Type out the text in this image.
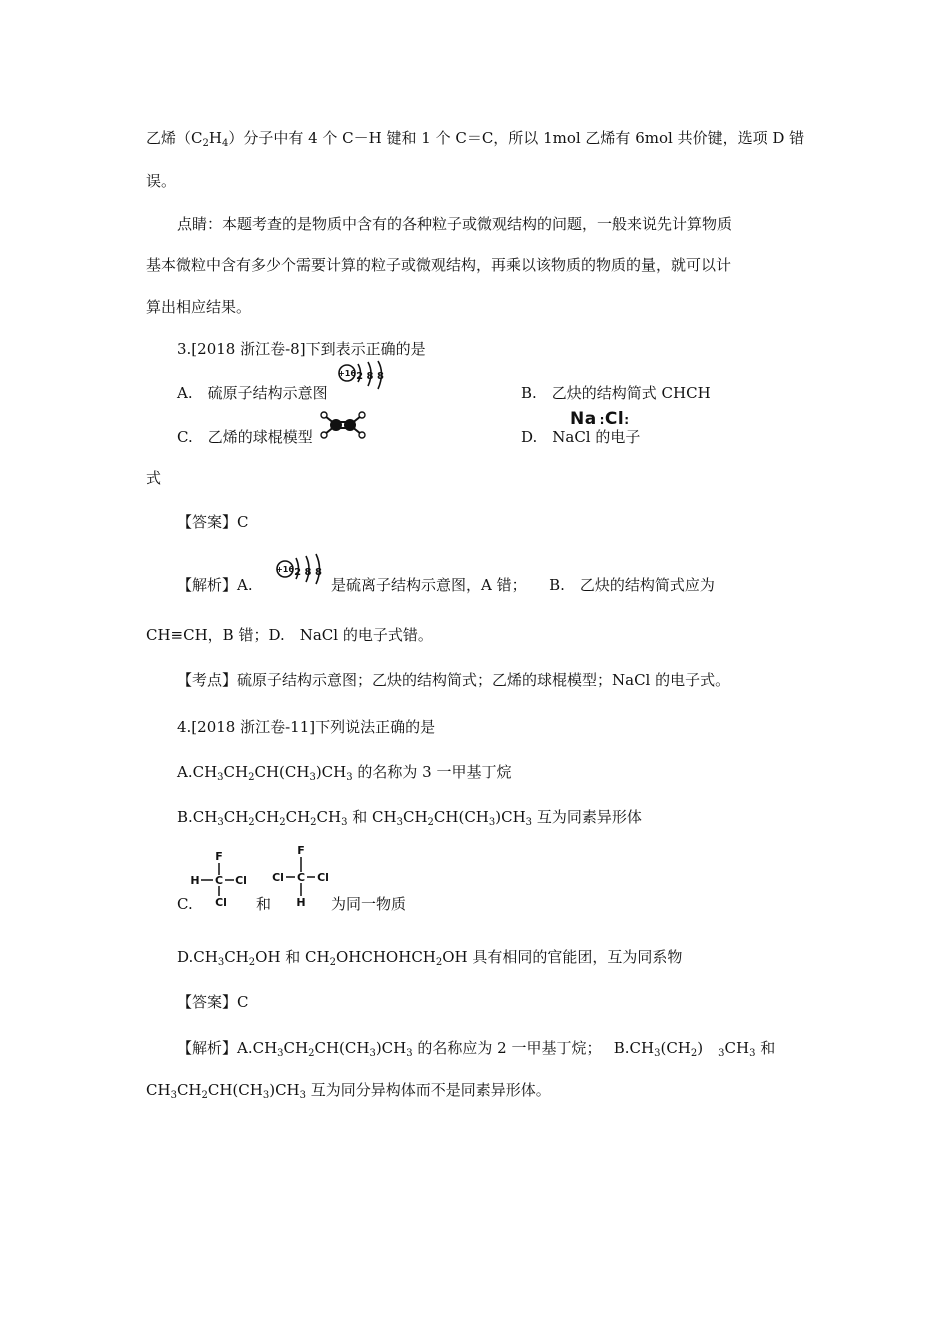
乙烯$(C_2H_4)$分子中有 4 个 C－H 键和 1 个 C＝C，所以 1mol 乙烯有 6mol 共价键，选项 D 错
误。
点睛：本题考查的是物质中含有的各种粒子或微观结构的问题，一般来说先计算物质
基本微粒中含有多少个需要计算的粒子或微观结构，再乘以该物质的物质的量，就可以计
算出相应结果。
3.[2018 浙江卷-8]下到表示正确的是
A.　硫原子结构示意图
+16 2 8 8
B.　乙炔的结构简式 CHCH
C.　乙烯的球棍模型	D.　NaCl 的电子
Na :Cl:
式
【答案】C
【解析】A.
+16 2 8 8
是硫离子结构示意图，A 错；　　B.　乙炔的结构简式应为
CH≡CH，B 错；D.　NaCl 的电子式错。
【考点】硫原子结构示意图；乙炔的结构简式；乙烯的球棍模型；NaCl 的电子式。
4.[2018 浙江卷-11]下列说法正确的是
$A.CH_3CH_2CH(CH_3)CH_3$ 的名称为 3 一甲基丁烷
$B.CH_3CH_2CH_2CH_2CH_3$ 和 $CH_3CH_2CH(CH_3)CH_3$ 互为同素异形体
C.
F
H C Cl
Cl 和
F
Cl C Cl
H 为同一物质
$D.CH_3CH_2OH$ 和 $CH_2OHCHOHCH_2OH$ 具有相同的官能团，互为同系物
【答案】C
【解析】$A.CH_3CH_2CH(CH_3)CH_3$ 的名称应为 2 一甲基丁烷；　 $B.CH_3(CH_2)$　$_3CH_3$ 和
$CH_3CH_2CH(CH_3)CH_3$ 互为同分异构体而不是同素异形体。
